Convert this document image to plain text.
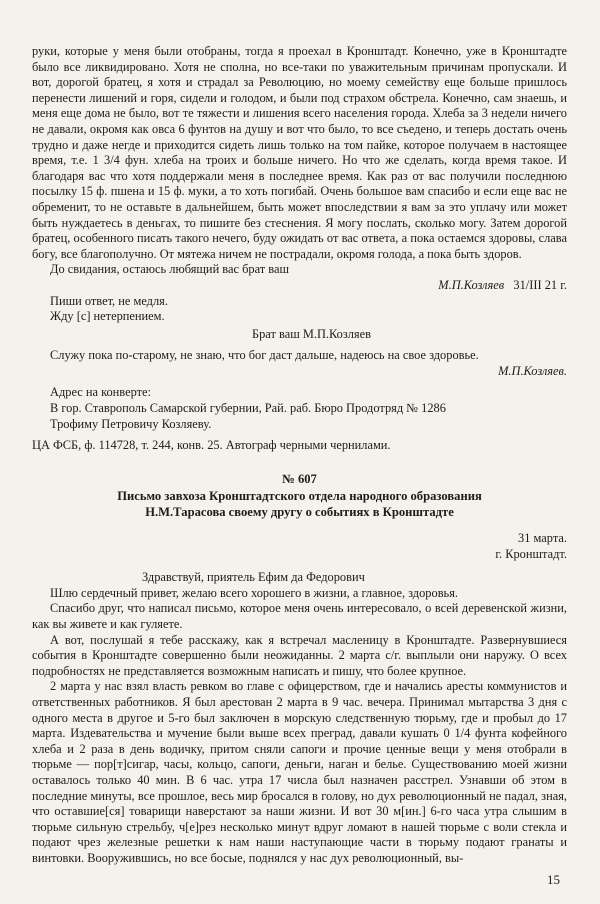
руки, которые у меня были отобраны, тогда я проехал в Кронштадт. Конечно, уже в Кронштадте было все ликвидировано. Хотя не сполна, но все-таки по уважительным причинам пропускали. И вот, дорогой братец, я хотя и страдал за Революцию, но моему семейству еще больше пришлось перенести лишений и горя, сидели и голодом, и были под страхом обстрела. Конечно, сам знаешь, и меня еще дома не было, вот те тяжести и лишения всего населения города. Хлеба за 3 недели ничего не давали, окромя как овса 6 фунтов на душу и вот что было, то все съедено, и теперь достать очень трудно и даже негде и приходится сидеть лишь только на том пайке, которое получаем в настоящее время, т.е. 1 3/4 фун. хлеба на троих и больше ничего. Но что же сделать, когда время такое. И благодаря вас что хотя поддержали меня в последнее время. Как раз от вас получили последнюю посылку 15 ф. пшена и 15 ф. муки, а то хоть погибай. Очень большое вам спасибо и если еще вас не обременит, то не оставьте в дальнейшем, быть может впоследствии я вам за это уплачу или может быть нуждаетесь в деньгах, то пишите без стеснения. Я могу послать, сколько могу. Затем дорогой братец, особенного писать такого нечего, буду ожидать от вас ответа, а пока остаемся здоровы, слава богу, все благополучно. От мятежа ничем не пострадали, окромя голода, а пока быть здоров.

До свидания, остаюсь любящий вас брат ваш

М.П.Козляев 31/III 21 г.

Пиши ответ, не медля.
Жду [с] нетерпением.
Брат ваш М.П.Козляев

Служу пока по-старому, не знаю, что бог даст дальше, надеюсь на свое здоровье.

М.П.Козляев.

Адрес на конверте:
В гор. Ставрополь Самарской губернии, Рай. раб. Бюро Продотряд № 1286
Трофиму Петровичу Козляеву.
ЦА ФСБ, ф. 114728, т. 244, конв. 25. Автограф черными чернилами.
№ 607
Письмо завхоза Кронштадтского отдела народного образования
Н.М.Тарасова своему другу о событиях в Кронштадте
31 марта.
г. Кронштадт.
Здравствуй, приятель Ефим да Федорович

Шлю сердечный привет, желаю всего хорошего в жизни, а главное, здоровья.

Спасибо друг, что написал письмо, которое меня очень интересовало, о всей деревенской жизни, как вы живете и как гуляете.

А вот, послушай я тебе расскажу, как я встречал масленицу в Кронштадте. Развернувшиеся события в Кронштадте совершенно были неожиданны. 2 марта с/г. выплыли они наружу. О всех подробностях не представляется возможным написать и пишу, что более крупное.

2 марта у нас взял власть ревком во главе с офицерством, где и начались аресты коммунистов и ответственных работников. Я был арестован 2 марта в 9 час. вечера. Принимал мытарства 3 дня с одного места в другое и 5-го был заключен в морскую следственную тюрьму, где и пробыл до 17 марта. Издевательства и мучение были выше всех преград, давали кушать 0 1/4 фунта кофейного хлеба и 2 раза в день водичку, притом сняли сапоги и прочие ценные вещи у меня отобрали в тюрьме — пор[т]сигар, часы, кольцо, сапоги, деньги, наган и белье. Существованию моей жизни оставалось только 40 мин. В 6 час. утра 17 числа был назначен расстрел. Узнавши об этом в последние минуты, все прошлое, весь мир бросался в голову, но дух революционный не падал, зная, что оставшие[ся] товарищи наверстают за наши жизни. И вот 30 м[ин.] 6-го часа утра слышим в тюрьме сильную стрельбу, ч[е]рез несколько минут вдруг ломают в нашей тюрьме с воли стекла и подают чрез железные решетки к нам наши наступающие части в тюрьму подают гранаты и винтовки. Вооружившись, но все босые, поднялся у нас дух революционный, вы-

15
